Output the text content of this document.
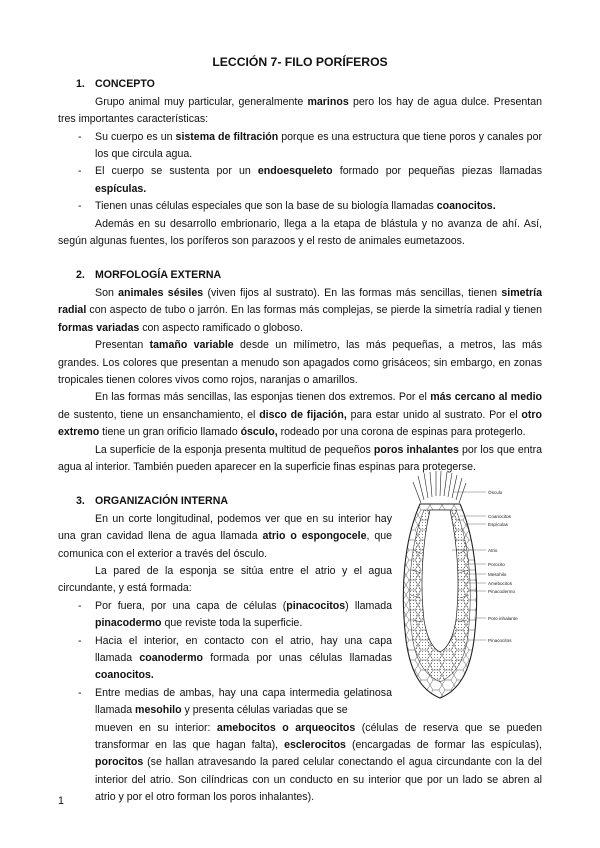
LECCIÓN 7- FILO PORÍFEROS

1. CONCEPTO

Grupo animal muy particular, generalmente marinos pero los hay de agua dulce. Presentan tres importantes características:

- Su cuerpo es un sistema de filtración porque es una estructura que tiene poros y canales por los que circula agua.
- El cuerpo se sustenta por un endoesqueleto formado por pequeñas piezas llamadas espículas.
- Tienen unas células especiales que son la base de su biología llamadas coanocitos.

Además en su desarrollo embrionario, llega a la etapa de blástula y no avanza de ahí. Así, según algunas fuentes, los poríferos son parazoos y el resto de animales eumetazoos.

2. MORFOLOGÍA EXTERNA

Son animales sésiles (viven fijos al sustrato). En las formas más sencillas, tienen simetría radial con aspecto de tubo o jarrón. En las formas más complejas, se pierde la simetría radial y tienen formas variadas con aspecto ramificado o globoso.

Presentan tamaño variable desde un milímetro, las más pequeñas, a metros, las más grandes. Los colores que presentan a menudo son apagados como grisáceos; sin embargo, en zonas tropicales tienen colores vivos como rojos, naranjas o amarillos.

En las formas más sencillas, las esponjas tienen dos extremos. Por el más cercano al medio de sustento, tiene un ensanchamiento, el disco de fijación, para estar unido al sustrato. Por el otro extremo tiene un gran orificio llamado ósculo, rodeado por una corona de espinas para protegerlo.

La superficie de la esponja presenta multitud de pequeños poros inhalantes por los que entra agua al interior. También pueden aparecer en la superficie finas espinas para protegerse.

3. ORGANIZACIÓN INTERNA

En un corte longitudinal, podemos ver que en su interior hay una gran cavidad llena de agua llamada atrio o espongocele, que comunica con el exterior a través del ósculo.

La pared de la esponja se sitúa entre el atrio y el agua circundante, y está formada:

- Por fuera, por una capa de células (pinacocitos) llamada pinacodermo que reviste toda la superficie.
- Hacia el interior, en contacto con el atrio, hay una capa llamada coanodermo formada por unas células llamadas coanocitos.
- Entre medias de ambas, hay una capa intermedia gelatinosa llamada mesohilo y presenta células variadas que se

mueven en su interior: amebocitos o arqueocitos (células de reserva que se pueden transformar en las que hagan falta), esclerocitos (encargadas de formar las espículas), porocitos (se hallan atravesando la pared celular conectando el agua circundante con la del interior del atrio. Son cilíndricas con un conducto en su interior que por un lado se abren al atrio y por el otro forman los poros inhalantes).

Ósculo
Coanocitos
Espículas
Atrio
Porocito
Mesohilo
Amebocitos
Pinacodermo
Poro inhalante
Pinacocitos
1
